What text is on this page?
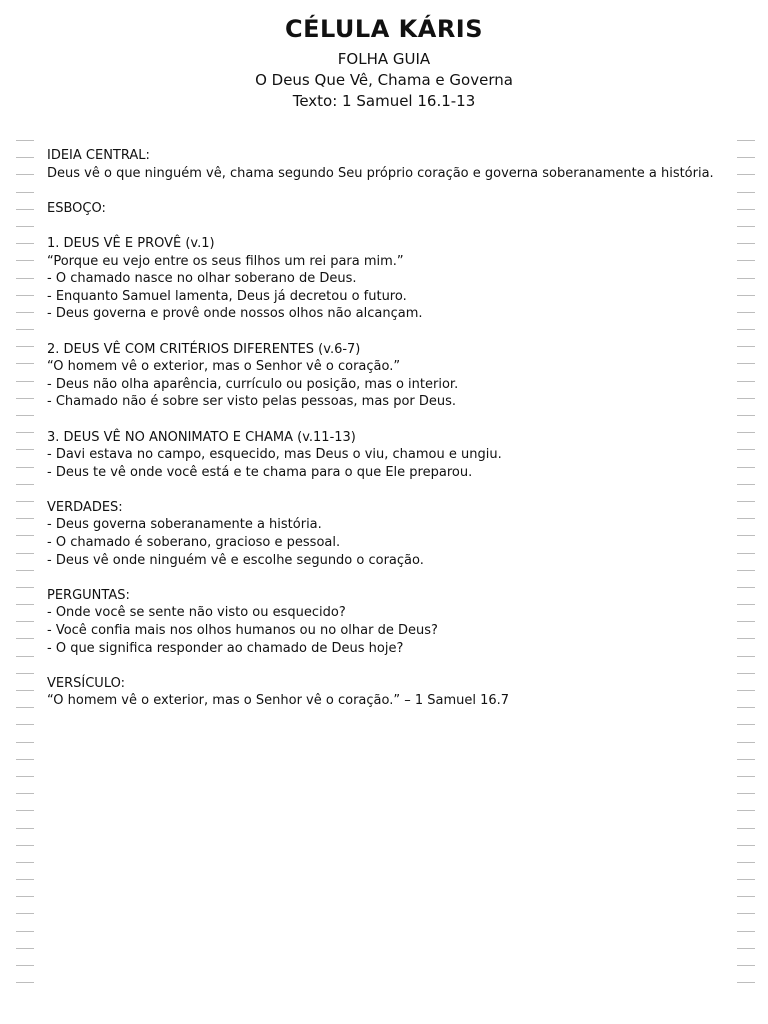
CÉLULA KÁRIS
FOLHA GUIA
O Deus Que Vê, Chama e Governa
Texto: 1 Samuel 16.1-13
IDEIA CENTRAL:
Deus vê o que ninguém vê, chama segundo Seu próprio coração e governa soberanamente a história.
ESBOÇO:
1. DEUS VÊ E PROVÊ (v.1)
“Porque eu vejo entre os seus filhos um rei para mim.”
- O chamado nasce no olhar soberano de Deus.
- Enquanto Samuel lamenta, Deus já decretou o futuro.
- Deus governa e provê onde nossos olhos não alcançam.
2. DEUS VÊ COM CRITÉRIOS DIFERENTES (v.6-7)
“O homem vê o exterior, mas o Senhor vê o coração.”
- Deus não olha aparência, currículo ou posição, mas o interior.
- Chamado não é sobre ser visto pelas pessoas, mas por Deus.
3. DEUS VÊ NO ANONIMATO E CHAMA (v.11-13)
- Davi estava no campo, esquecido, mas Deus o viu, chamou e ungiu.
- Deus te vê onde você está e te chama para o que Ele preparou.
VERDADES:
- Deus governa soberanamente a história.
- O chamado é soberano, gracioso e pessoal.
- Deus vê onde ninguém vê e escolhe segundo o coração.
PERGUNTAS:
- Onde você se sente não visto ou esquecido?
- Você confia mais nos olhos humanos ou no olhar de Deus?
- O que significa responder ao chamado de Deus hoje?
VERSÍCULO:
“O homem vê o exterior, mas o Senhor vê o coração.” – 1 Samuel 16.7
